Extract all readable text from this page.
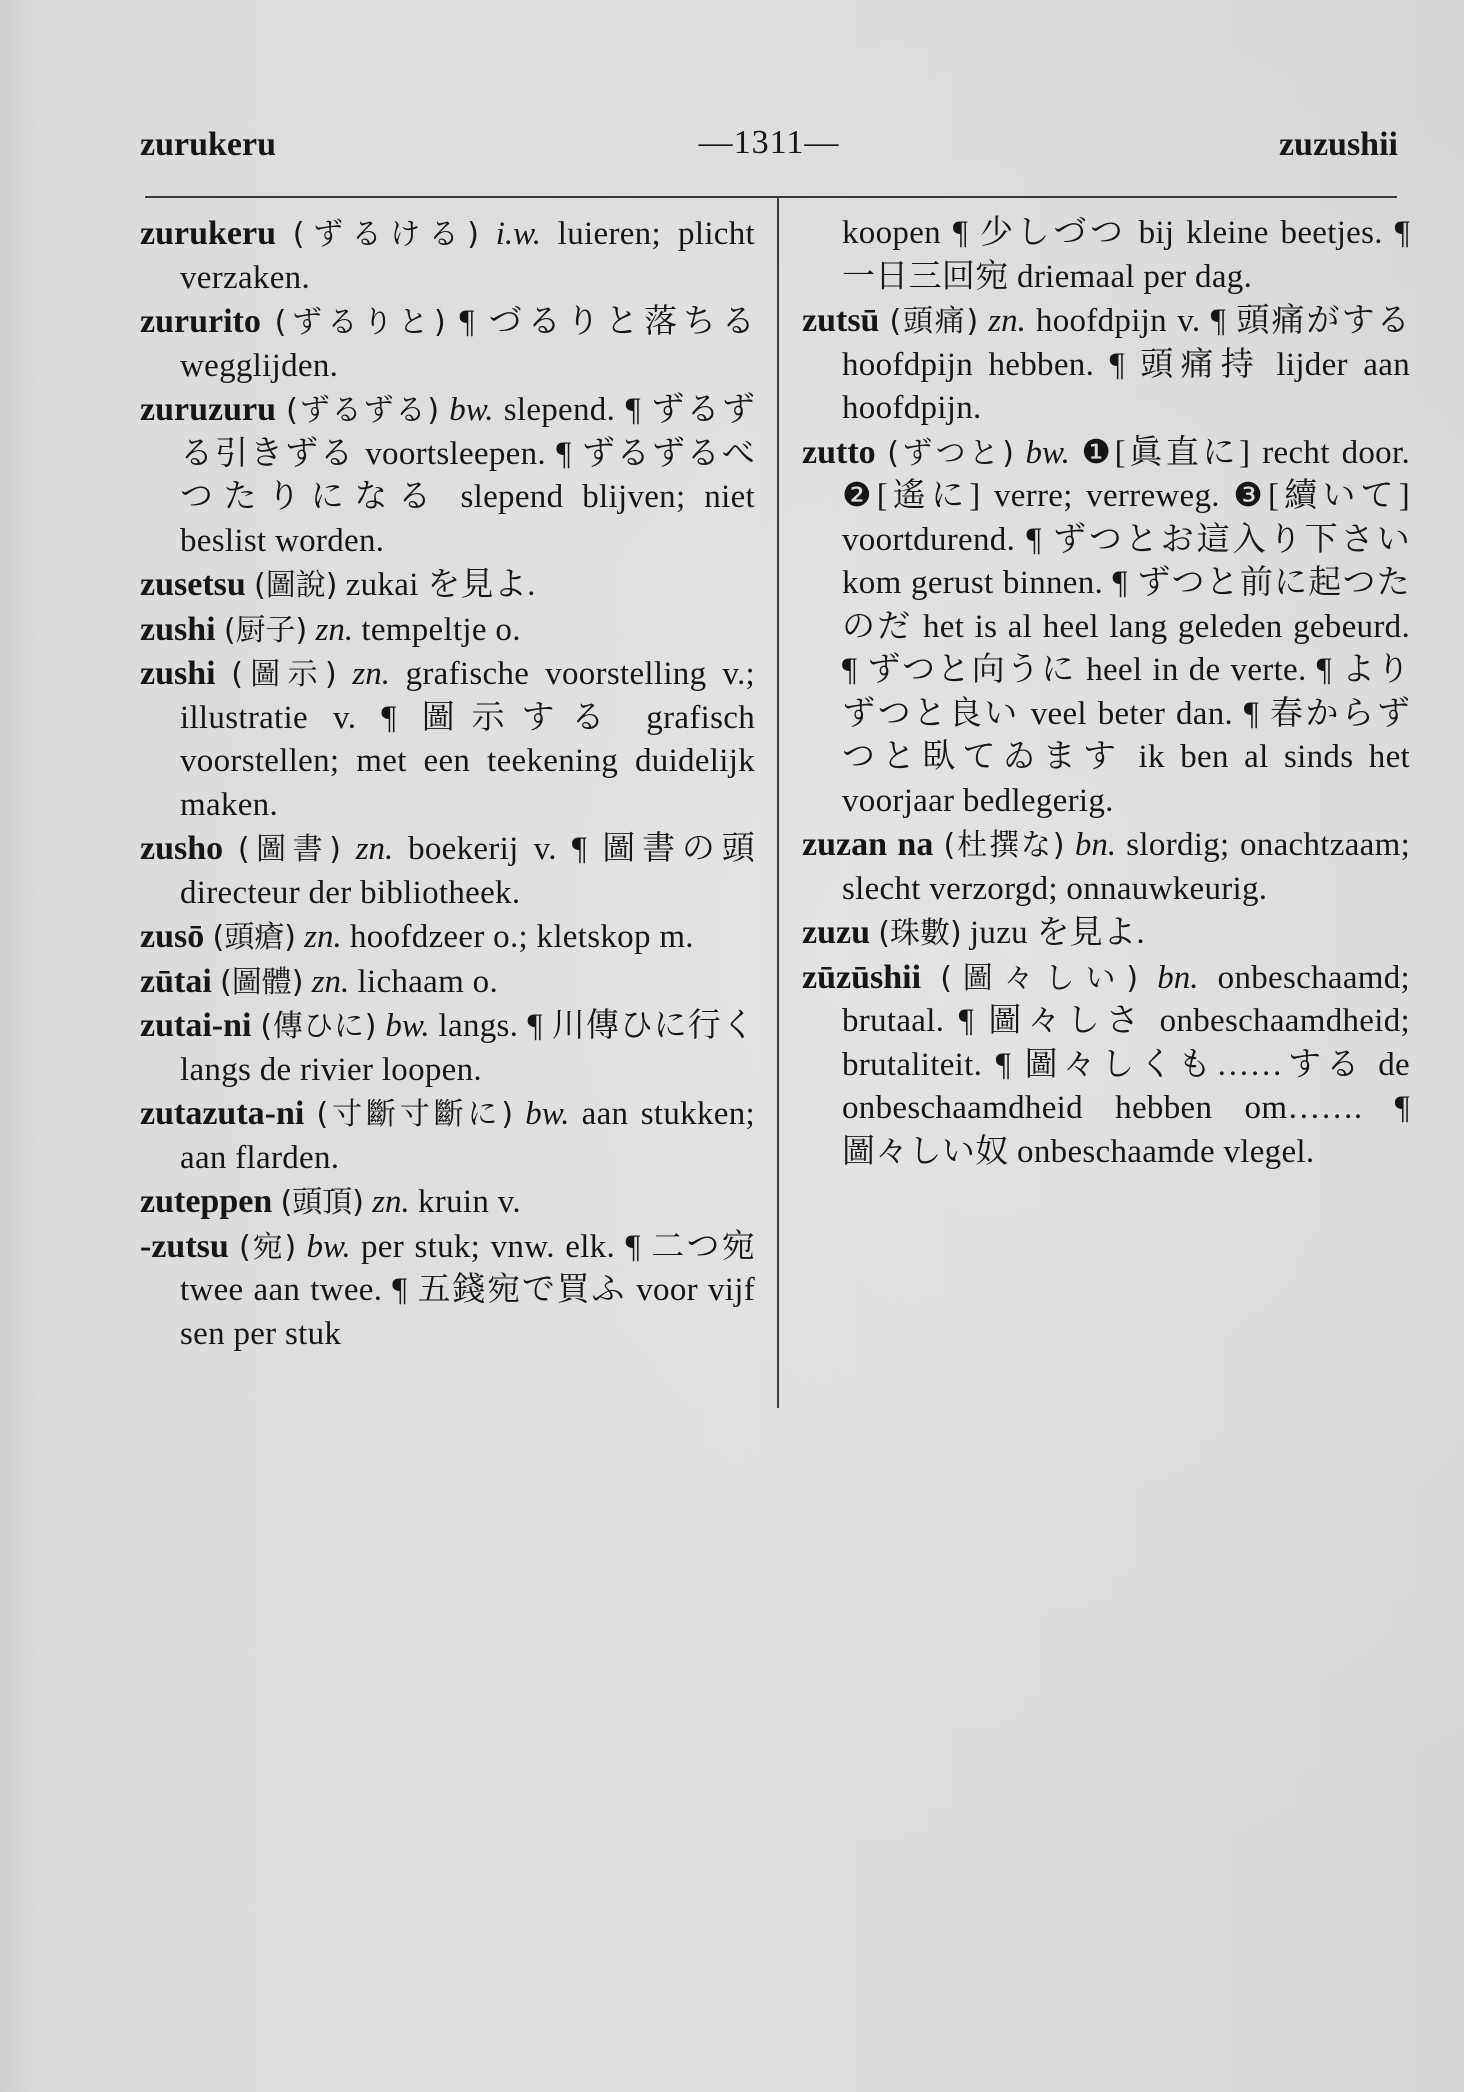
zurukeru	—1311—	zuzushii

zurukeru (ずるける) i.w. luieren; plicht verzaken.

zururito (ずるりと) ¶ づるりと落ちる wegglijden.

zuruzuru (ずるずる) bw. slepend. ¶ ずるずる引きずる voortsleepen. ¶ ずるずるべつたりになる slepend blijven; niet beslist worden.

zusetsu (圖說) zukai を見よ.

zushi (厨子) zn. tempeltje o.

zushi (圖示) zn. grafische voorstelling v.; illustratie v. ¶ 圖示する grafisch voorstellen; met een teekening duidelijk maken.

zusho (圖書) zn. boekerij v. ¶ 圖書の頭 directeur der bibliotheek.

zusō (頭瘡) zn. hoofdzeer o.; kletskop m.

zūtai (圖體) zn. lichaam o.

zutai-ni (傳ひに) bw. langs. ¶ 川傳ひに行く langs de rivier loopen.

zutazuta-ni (寸斷寸斷に) bw. aan stukken; aan flarden.

zuteppen (頭頂) zn. kruin v.

-zutsu (宛) bw. per stuk; vnw. elk. ¶ 二つ宛 twee aan twee. ¶ 五錢宛で買ふ voor vijf sen per stuk

koopen ¶ 少しづつ bij kleine beetjes. ¶ 一日三回宛 driemaal per dag.

zutsū (頭痛) zn. hoofdpijn v. ¶ 頭痛がする hoofdpijn hebben. ¶ 頭痛持 lijder aan hoofdpijn.

zutto (ずつと) bw. ❶[眞直に] recht door. ❷[遙に] verre; verreweg. ❸[續いて] voortdurend. ¶ ずつとお這入り下さい kom gerust binnen. ¶ ずつと前に起つたのだ het is al heel lang geleden gebeurd. ¶ ずつと向うに heel in de verte. ¶ よりずつと良い veel beter dan. ¶ 春からずつと臥てゐます ik ben al sinds het voorjaar bedlegerig.

zuzan na (杜撰な) bn. slordig; onachtzaam; slecht verzorgd; onnauwkeurig.

zuzu (珠數) juzu を見よ.

zūzūshii (圖々しい) bn. onbeschaamd; brutaal. ¶ 圖々しさ onbeschaamdheid; brutaliteit. ¶ 圖々しくも……する de onbeschaamdheid hebben om……. ¶ 圖々しい奴 onbeschaamde vlegel.
